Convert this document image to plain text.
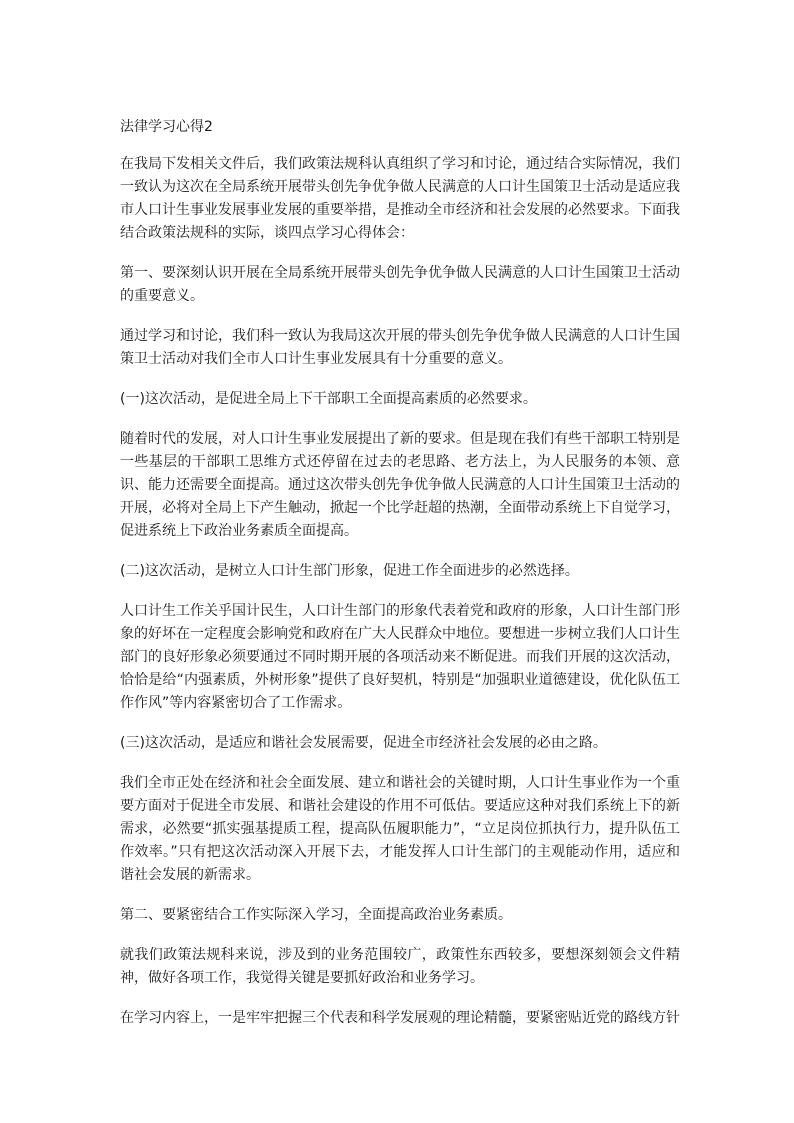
法律学习心得2

在我局下发相关文件后，我们政策法规科认真组织了学习和讨论，通过结合实际情况，我们一致认为这次在全局系统开展带头创先争优争做人民满意的人口计生国策卫士活动是适应我市人口计生事业发展事业发展的重要举措，是推动全市经济和社会发展的必然要求。下面我结合政策法规科的实际，谈四点学习心得体会：

第一、要深刻认识开展在全局系统开展带头创先争优争做人民满意的人口计生国策卫士活动的重要意义。

通过学习和讨论，我们科一致认为我局这次开展的带头创先争优争做人民满意的人口计生国策卫士活动对我们全市人口计生事业发展具有十分重要的意义。

(一)这次活动，是促进全局上下干部职工全面提高素质的必然要求。

随着时代的发展，对人口计生事业发展提出了新的要求。但是现在我们有些干部职工特别是一些基层的干部职工思维方式还停留在过去的老思路、老方法上，为人民服务的本领、意识、能力还需要全面提高。通过这次带头创先争优争做人民满意的人口计生国策卫士活动的开展，必将对全局上下产生触动，掀起一个比学赶超的热潮，全面带动系统上下自觉学习，促进系统上下政治业务素质全面提高。

(二)这次活动，是树立人口计生部门形象，促进工作全面进步的必然选择。

人口计生工作关乎国计民生，人口计生部门的形象代表着党和政府的形象，人口计生部门形象的好坏在一定程度会影响党和政府在广大人民群众中地位。要想进一步树立我们人口计生部门的良好形象必须要通过不同时期开展的各项活动来不断促进。而我们开展的这次活动，恰恰是给“内强素质，外树形象”提供了良好契机，特别是“加强职业道德建设，优化队伍工作作风”等内容紧密切合了工作需求。

(三)这次活动，是适应和谐社会发展需要，促进全市经济社会发展的必由之路。

我们全市正处在经济和社会全面发展、建立和谐社会的关键时期，人口计生事业作为一个重要方面对于促进全市发展、和谐社会建设的作用不可低估。要适应这种对我们系统上下的新需求，必然要“抓实强基提质工程，提高队伍履职能力”，“立足岗位抓执行力，提升队伍工作效率。”只有把这次活动深入开展下去，才能发挥人口计生部门的主观能动作用，适应和谐社会发展的新需求。

第二、要紧密结合工作实际深入学习，全面提高政治业务素质。

就我们政策法规科来说，涉及到的业务范围较广，政策性东西较多，要想深刻领会文件精神，做好各项工作，我觉得关键是要抓好政治和业务学习。

在学习内容上，一是牢牢把握三个代表和科学发展观的理论精髓，要紧密贴近党的路线方针
